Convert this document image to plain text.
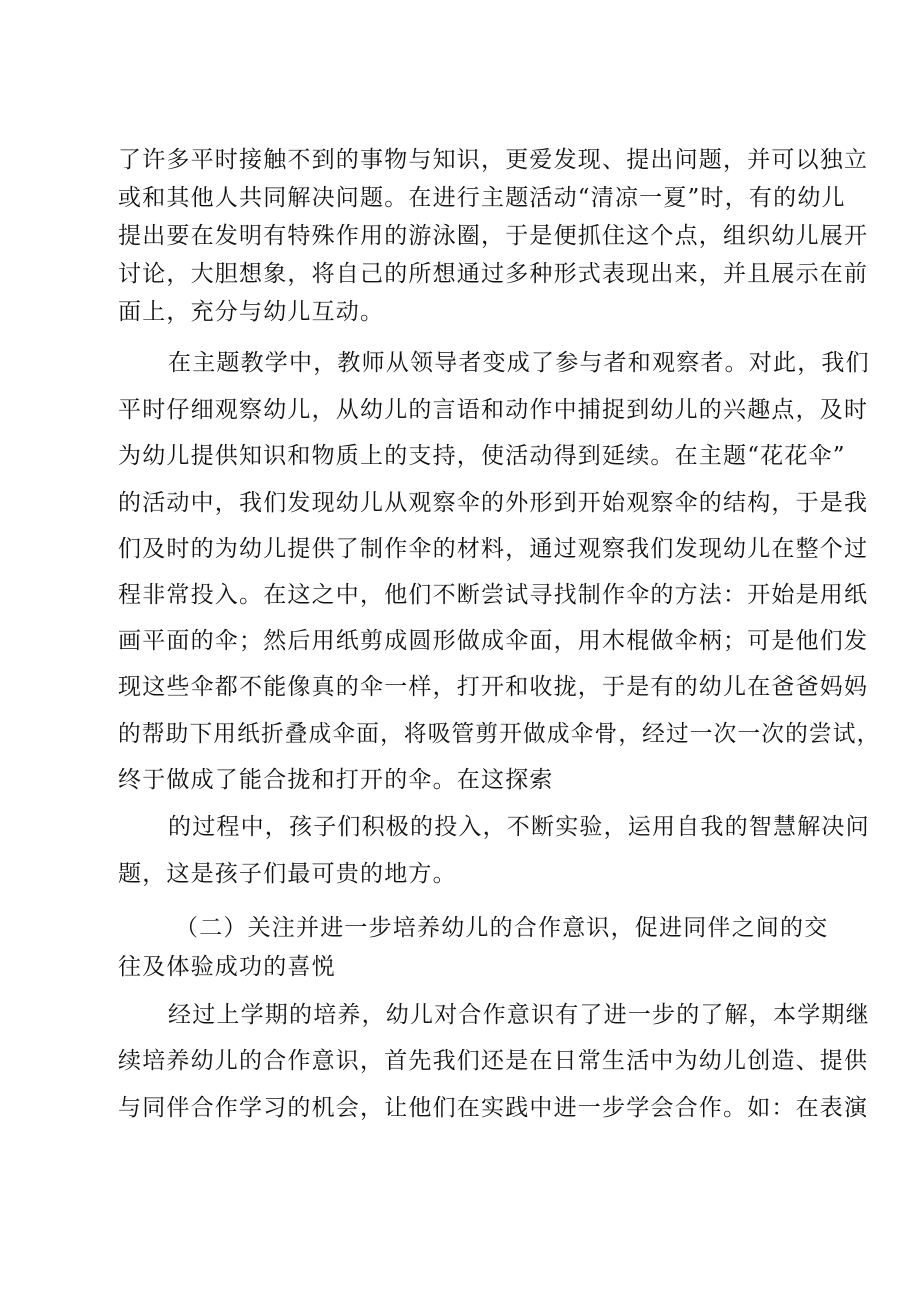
了许多平时接触不到的事物与知识，更爱发现、提出问题，并可以独立
或和其他人共同解决问题。在进行主题活动“清凉一夏”时，有的幼儿
提出要在发明有特殊作用的游泳圈，于是便抓住这个点，组织幼儿展开
讨论，大胆想象，将自己的所想通过多种形式表现出来，并且展示在前
面上，充分与幼儿互动。
在主题教学中，教师从领导者变成了参与者和观察者。对此，我们
平时仔细观察幼儿，从幼儿的言语和动作中捕捉到幼儿的兴趣点，及时
为幼儿提供知识和物质上的支持，使活动得到延续。在主题“花花伞”
的活动中，我们发现幼儿从观察伞的外形到开始观察伞的结构，于是我
们及时的为幼儿提供了制作伞的材料，通过观察我们发现幼儿在整个过
程非常投入。在这之中，他们不断尝试寻找制作伞的方法：开始是用纸
画平面的伞；然后用纸剪成圆形做成伞面，用木棍做伞柄；可是他们发
现这些伞都不能像真的伞一样，打开和收拢，于是有的幼儿在爸爸妈妈
的帮助下用纸折叠成伞面，将吸管剪开做成伞骨，经过一次一次的尝试，
终于做成了能合拢和打开的伞。在这探索
的过程中，孩子们积极的投入，不断实验，运用自我的智慧解决问
题，这是孩子们最可贵的地方。
（二）关注并进一步培养幼儿的合作意识，促进同伴之间的交
往及体验成功的喜悦
经过上学期的培养，幼儿对合作意识有了进一步的了解，本学期继
续培养幼儿的合作意识，首先我们还是在日常生活中为幼儿创造、提供
与同伴合作学习的机会，让他们在实践中进一步学会合作。如：在表演
